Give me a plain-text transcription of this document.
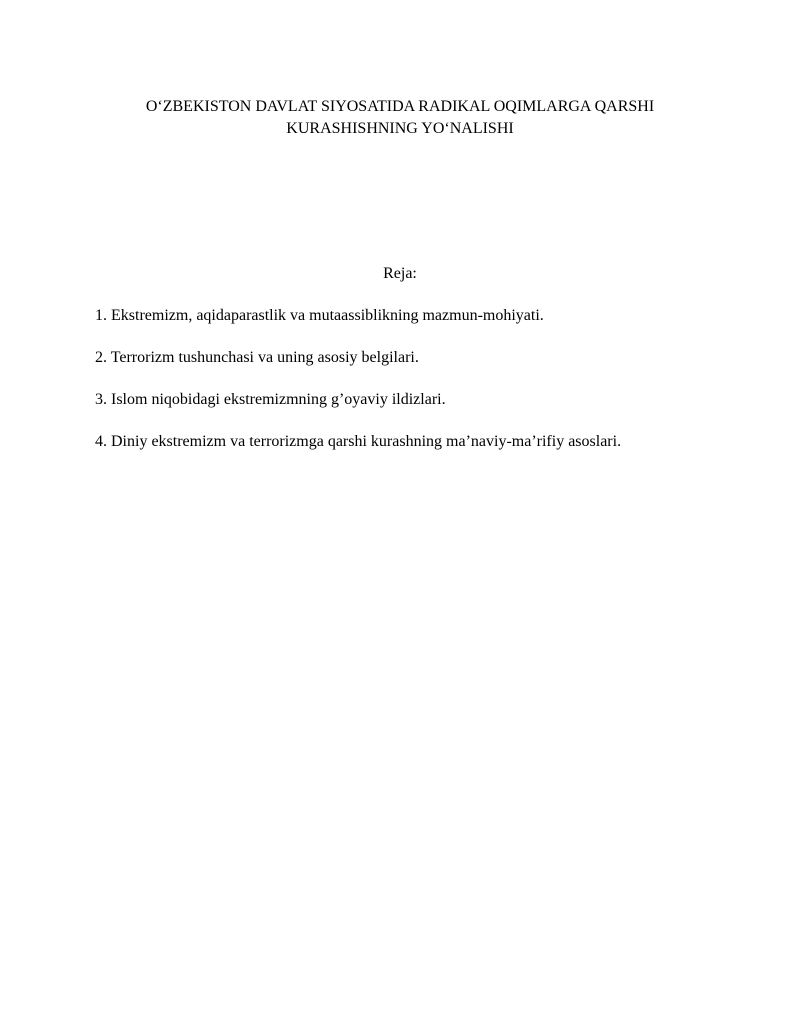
O‘ZBEKISTON DAVLAT SIYOSATIDA RADIKAL OQIMLARGA QARSHI
KURASHISHNING YO‘NALISHI
Reja:
1. Ekstremizm, aqidaparastlik va mutaassiblikning mazmun-mohiyati.
2. Terrorizm tushunchasi va uning asosiy belgilari.
3. Islom niqobidagi ekstremizmning g’oyaviy ildizlari.
4. Diniy ekstremizm va terrorizmga qarshi kurashning ma’naviy-ma’rifiy asoslari.
